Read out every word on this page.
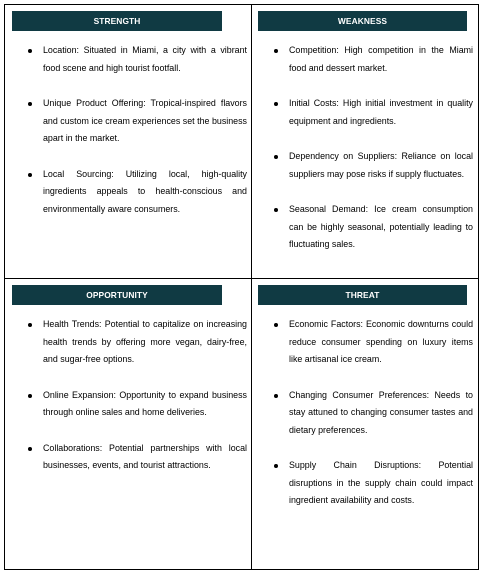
STRENGTH
Location: Situated in Miami, a city with a vibrant food scene and high tourist footfall.
Unique Product Offering: Tropical-inspired flavors and custom ice cream experiences set the business apart in the market.
Local Sourcing: Utilizing local, high-quality ingredients appeals to health-conscious and environmentally aware consumers.
WEAKNESS
Competition: High competition in the Miami food and dessert market.
Initial Costs: High initial investment in quality equipment and ingredients.
Dependency on Suppliers: Reliance on local suppliers may pose risks if supply fluctuates.
Seasonal Demand: Ice cream consumption can be highly seasonal, potentially leading to fluctuating sales.
OPPORTUNITY
Health Trends: Potential to capitalize on increasing health trends by offering more vegan, dairy-free, and sugar-free options.
Online Expansion: Opportunity to expand business through online sales and home deliveries.
Collaborations: Potential partnerships with local businesses, events, and tourist attractions.
THREAT
Economic Factors: Economic downturns could reduce consumer spending on luxury items like artisanal ice cream.
Changing Consumer Preferences: Needs to stay attuned to changing consumer tastes and dietary preferences.
Supply Chain Disruptions: Potential disruptions in the supply chain could impact ingredient availability and costs.
